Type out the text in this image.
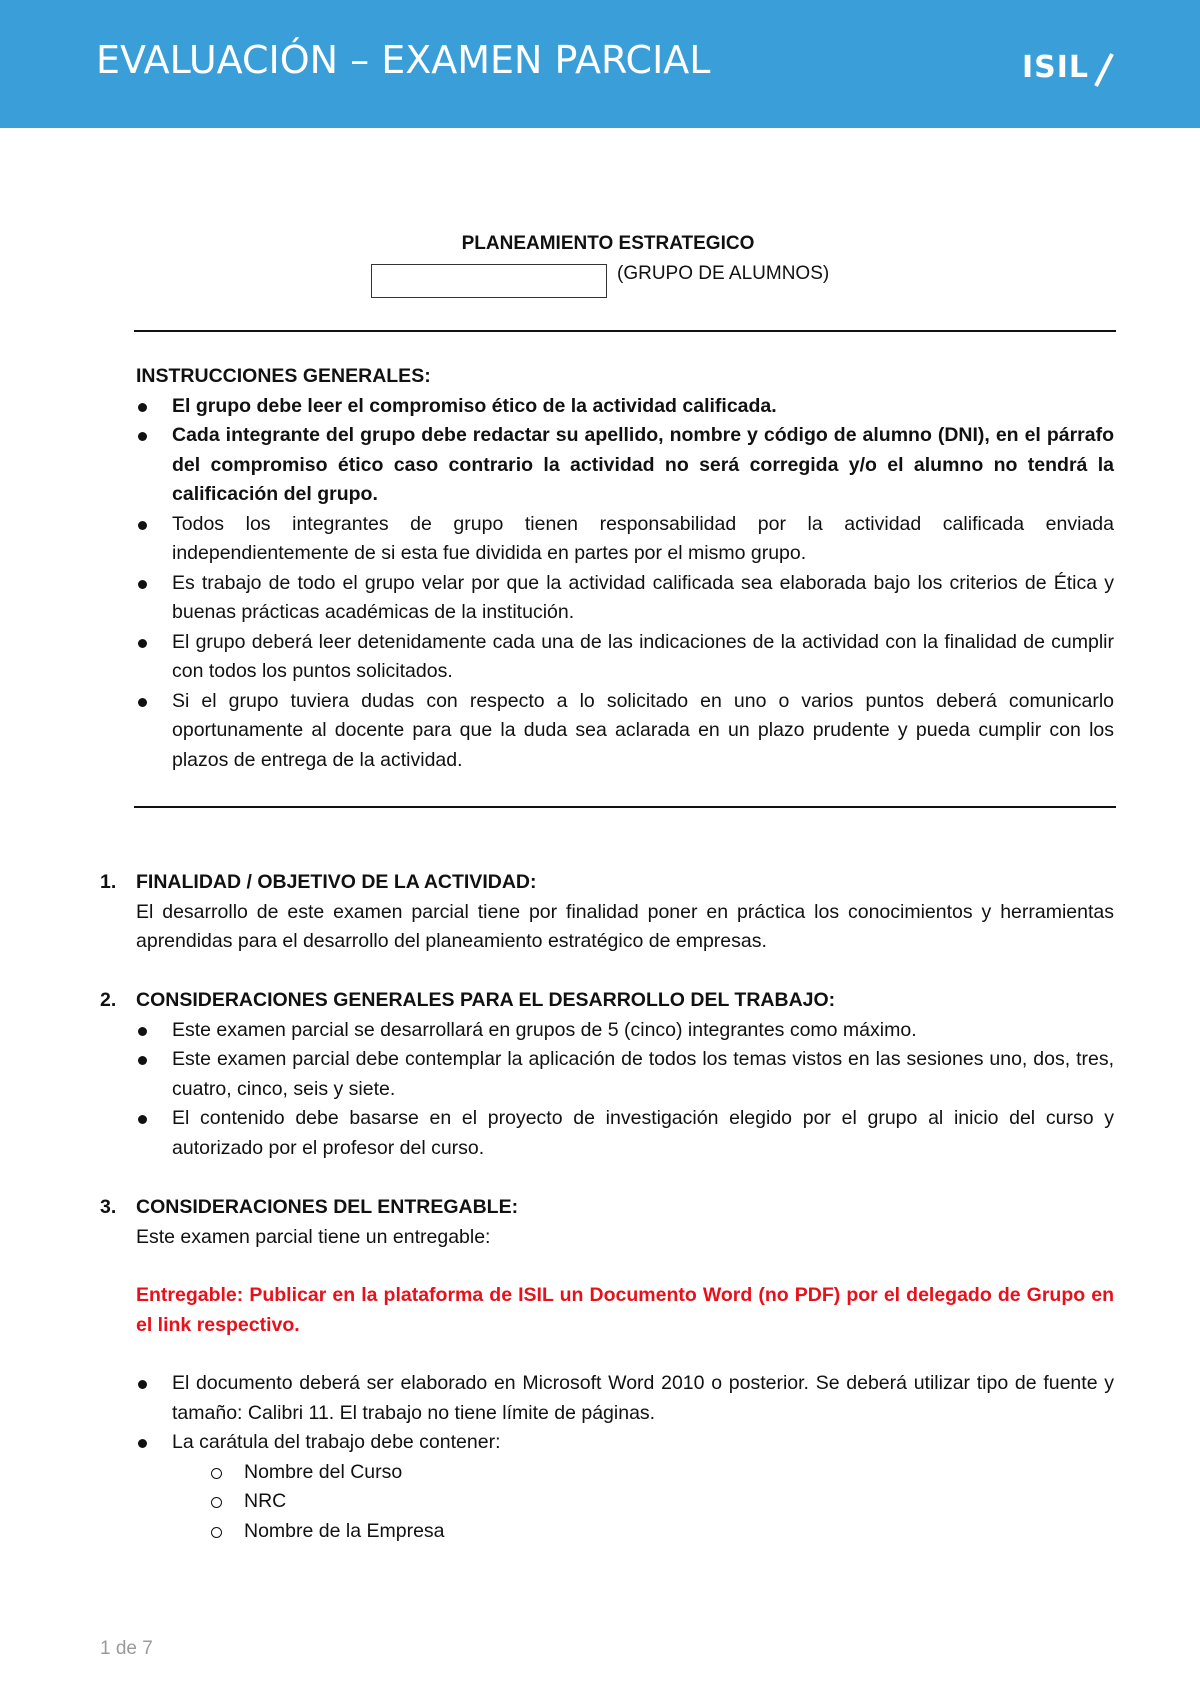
EVALUACIÓN – EXAMEN PARCIAL	ISIL
PLANEAMIENTO ESTRATEGICO
(GRUPO DE ALUMNOS)
INSTRUCCIONES GENERALES:
El grupo debe leer el compromiso ético de la actividad calificada.
Cada integrante del grupo debe redactar su apellido, nombre y código de alumno (DNI), en el párrafo del compromiso ético caso contrario la actividad no será corregida y/o el alumno no tendrá la calificación del grupo.
Todos los integrantes de grupo tienen responsabilidad por la actividad calificada enviada independientemente de si esta fue dividida en partes por el mismo grupo.
Es trabajo de todo el grupo velar por que la actividad calificada sea elaborada bajo los criterios de Ética y buenas prácticas académicas de la institución.
El grupo deberá leer detenidamente cada una de las indicaciones de la actividad con la finalidad de cumplir con todos los puntos solicitados.
Si el grupo tuviera dudas con respecto a lo solicitado en uno o varios puntos deberá comunicarlo oportunamente al docente para que la duda sea aclarada en un plazo prudente y pueda cumplir con los plazos de entrega de la actividad.
1. FINALIDAD / OBJETIVO DE LA ACTIVIDAD:
El desarrollo de este examen parcial tiene por finalidad poner en práctica los conocimientos y herramientas aprendidas para el desarrollo del planeamiento estratégico de empresas.
2. CONSIDERACIONES GENERALES PARA EL DESARROLLO DEL TRABAJO:
Este examen parcial se desarrollará en grupos de 5 (cinco) integrantes como máximo.
Este examen parcial debe contemplar la aplicación de todos los temas vistos en las sesiones uno, dos, tres, cuatro, cinco, seis y siete.
El contenido debe basarse en el proyecto de investigación elegido por el grupo al inicio del curso y autorizado por el profesor del curso.
3. CONSIDERACIONES DEL ENTREGABLE:
Este examen parcial tiene un entregable:
Entregable: Publicar en la plataforma de ISIL un Documento Word (no PDF) por el delegado de Grupo en el link respectivo.
El documento deberá ser elaborado en Microsoft Word 2010 o posterior. Se deberá utilizar tipo de fuente y tamaño: Calibri 11. El trabajo no tiene límite de páginas.
La carátula del trabajo debe contener:
Nombre del Curso
NRC
Nombre de la Empresa
1 de 7
